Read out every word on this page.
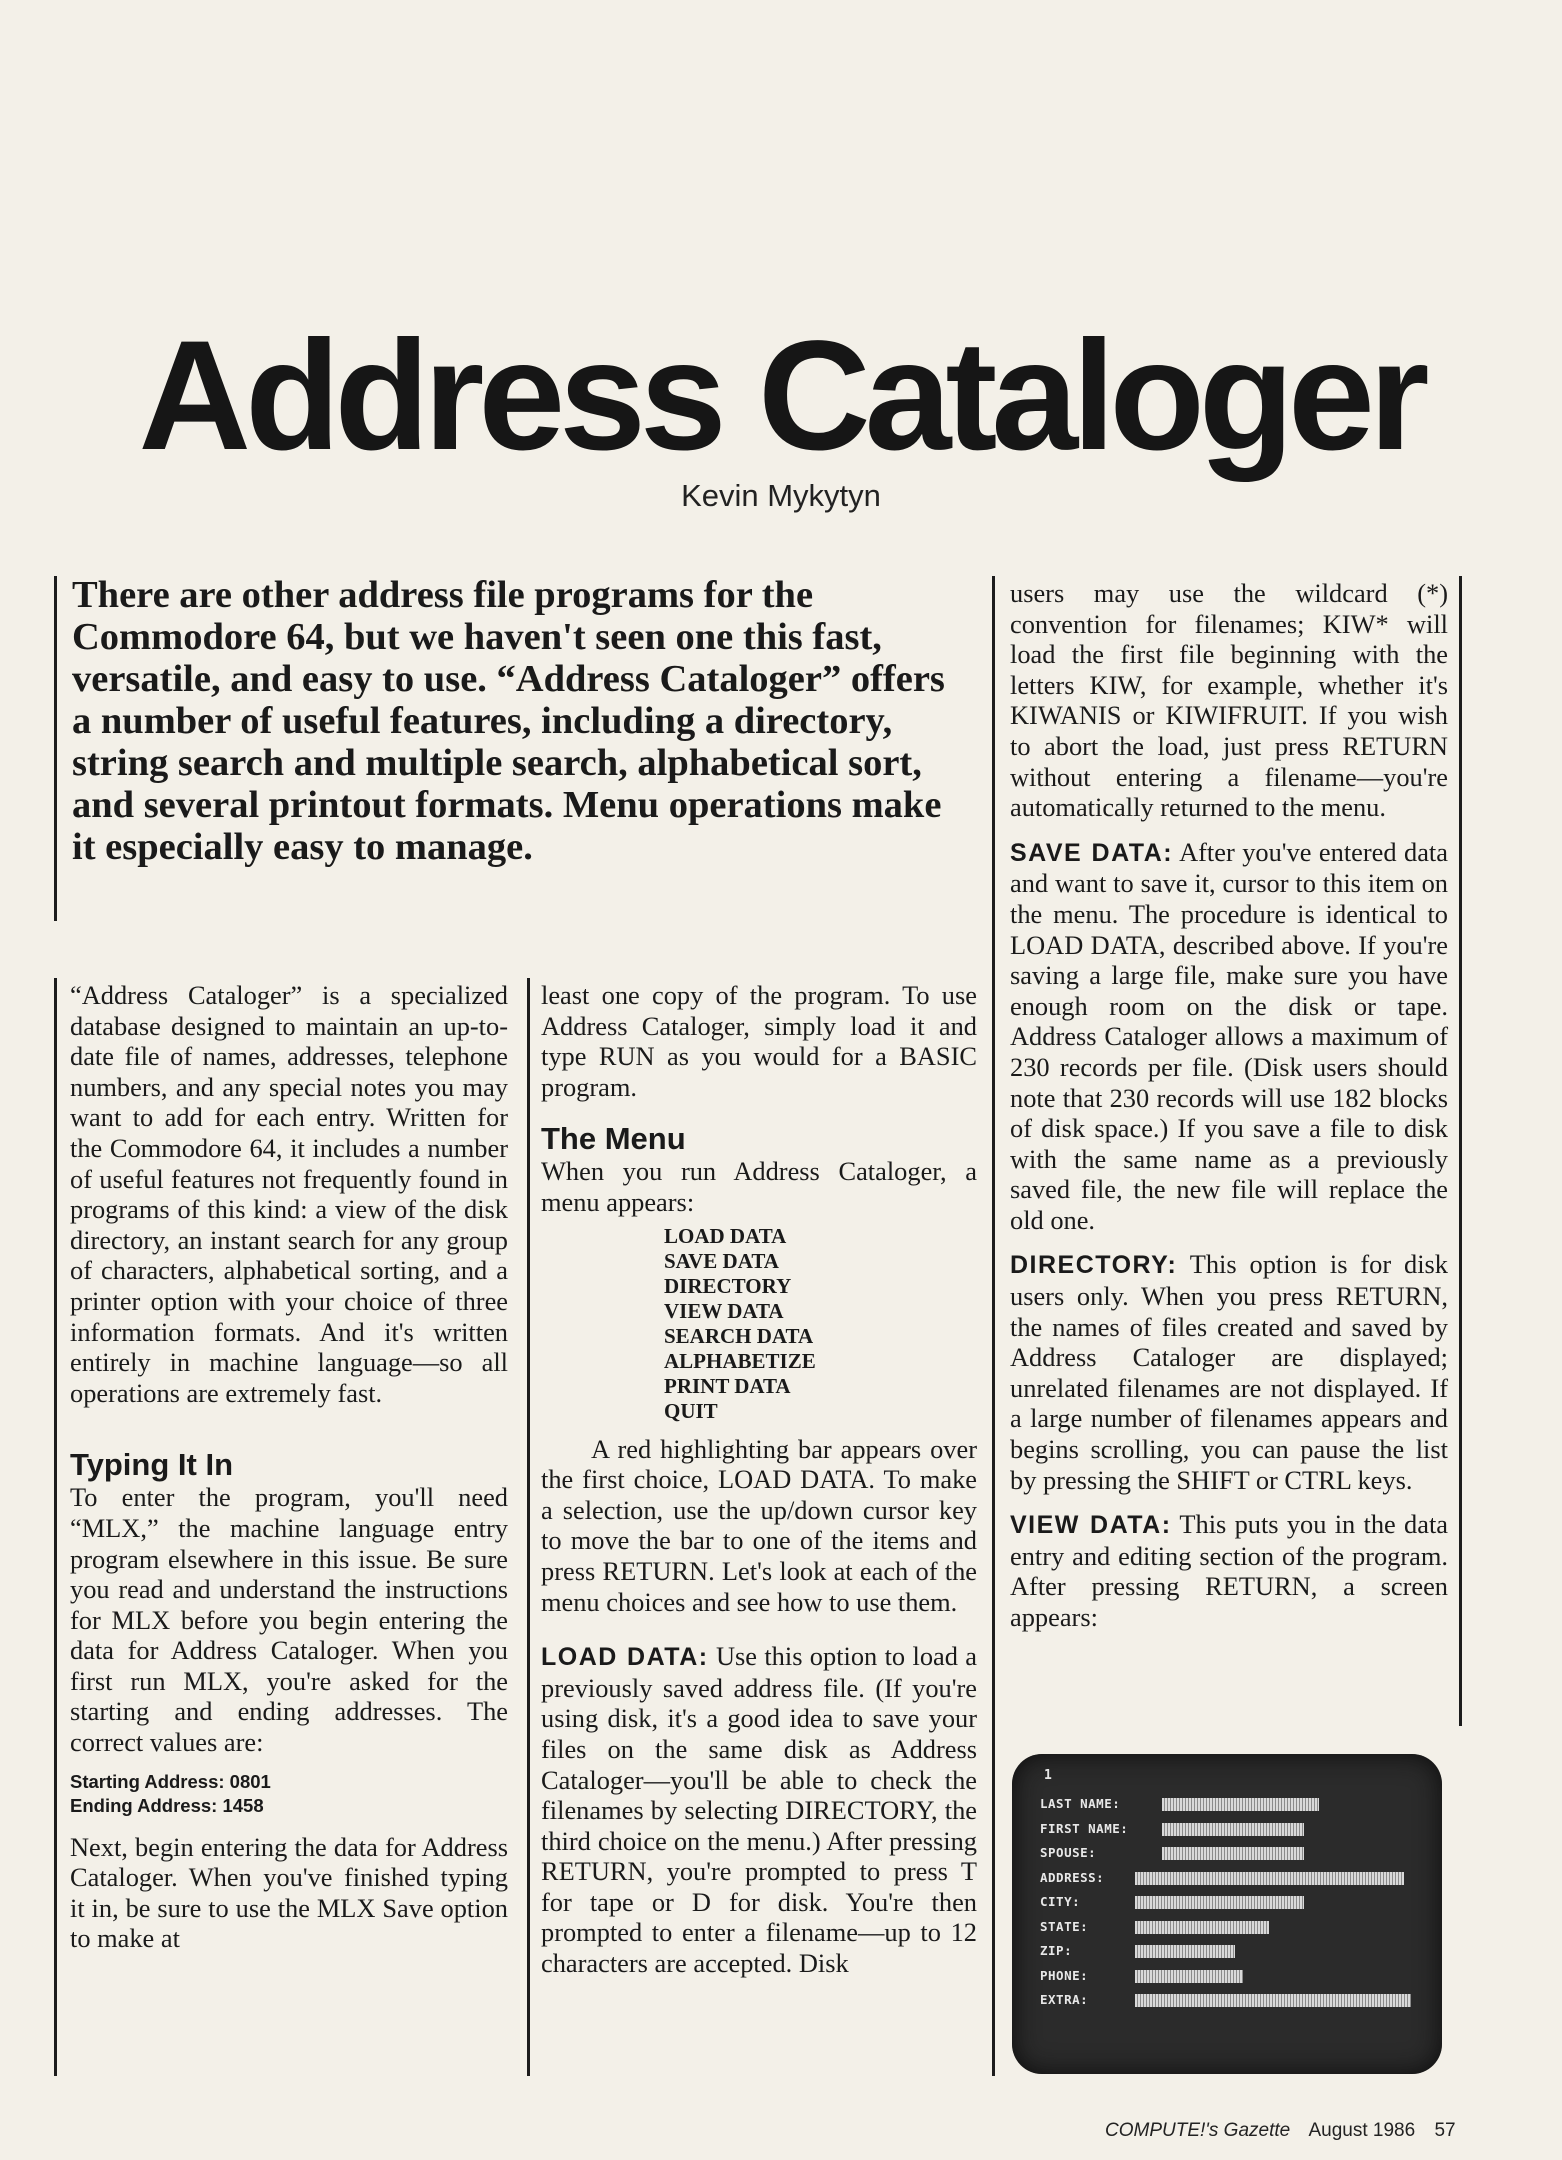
Address Cataloger
Kevin Mykytyn

There are other address file programs for the Commodore 64, but we haven't seen one this fast, versatile, and easy to use. “Address Cataloger” offers a number of useful features, including a directory, string search and multiple search, alphabetical sort, and several printout formats. Menu operations make it especially easy to manage.

“Address Cataloger” is a specialized database designed to maintain an up-to-date file of names, addresses, telephone numbers, and any special notes you may want to add for each entry. Written for the Commodore 64, it includes a number of useful features not frequently found in programs of this kind: a view of the disk directory, an instant search for any group of characters, alphabetical sorting, and a printer option with your choice of three information formats. And it's written entirely in machine language—so all operations are extremely fast.

Typing It In

To enter the program, you'll need “MLX,” the machine language entry program elsewhere in this issue. Be sure you read and understand the instructions for MLX before you begin entering the data for Address Cataloger. When you first run MLX, you're asked for the starting and ending addresses. The correct values are:

Starting Address: 0801
Ending Address: 1458

Next, begin entering the data for Address Cataloger. When you've finished typing it in, be sure to use the MLX Save option to make at

least one copy of the program. To use Address Cataloger, simply load it and type RUN as you would for a BASIC program.

The Menu

When you run Address Cataloger, a menu appears:

LOAD DATA
SAVE DATA
DIRECTORY
VIEW DATA
SEARCH DATA
ALPHABETIZE
PRINT DATA
QUIT

A red highlighting bar appears over the first choice, LOAD DATA. To make a selection, use the up/down cursor key to move the bar to one of the items and press RETURN. Let's look at each of the menu choices and see how to use them.

LOAD DATA: Use this option to load a previously saved address file. (If you're using disk, it's a good idea to save your files on the same disk as Address Cataloger—you'll be able to check the filenames by selecting DIRECTORY, the third choice on the menu.) After pressing RETURN, you're prompted to press T for tape or D for disk. You're then prompted to enter a filename—up to 12 characters are accepted. Disk

users may use the wildcard (*) convention for filenames; KIW* will load the first file beginning with the letters KIW, for example, whether it's KIWANIS or KIWIFRUIT. If you wish to abort the load, just press RETURN without entering a filename—you're automatically returned to the menu.

SAVE DATA: After you've entered data and want to save it, cursor to this item on the menu. The procedure is identical to LOAD DATA, described above. If you're saving a large file, make sure you have enough room on the disk or tape. Address Cataloger allows a maximum of 230 records per file. (Disk users should note that 230 records will use 182 blocks of disk space.) If you save a file to disk with the same name as a previously saved file, the new file will replace the old one.

DIRECTORY: This option is for disk users only. When you press RETURN, the names of files created and saved by Address Cataloger are displayed; unrelated filenames are not displayed. If a large number of filenames appears and begins scrolling, you can pause the list by pressing the SHIFT or CTRL keys.

VIEW DATA: This puts you in the data entry and editing section of the program. After pressing RETURN, a screen appears:

1
LAST NAME:
FIRST NAME:
SPOUSE:
ADDRESS:
CITY:
STATE:
ZIP:
PHONE:
EXTRA:
COMPUTE!'s Gazette August 1986 57
